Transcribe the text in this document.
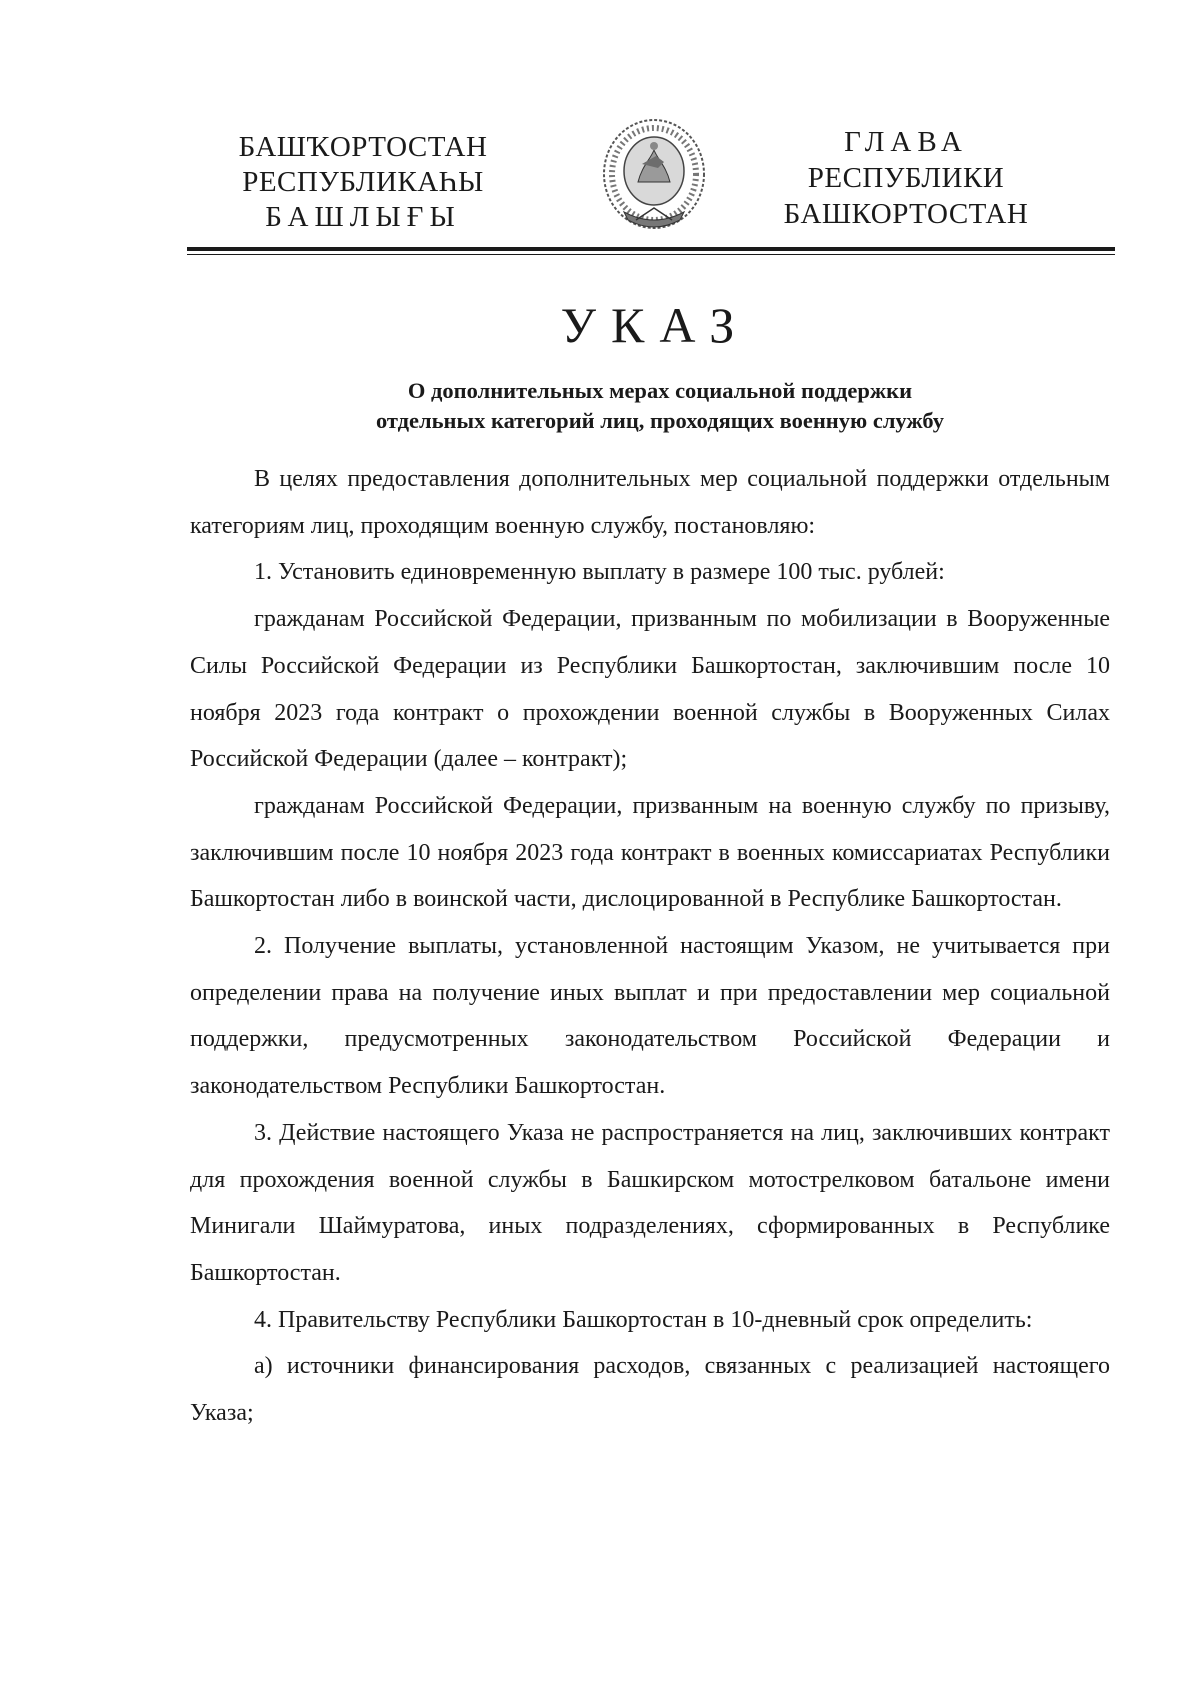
БАШҠОРТОСТАН
РЕСПУБЛИКАҺЫ
БАШЛЫҒЫ
ГЛАВА
РЕСПУБЛИКИ
БАШКОРТОСТАН
УКАЗ
О дополнительных мерах социальной поддержки
отдельных категорий лиц, проходящих военную службу

В целях предоставления дополнительных мер социальной поддержки отдельным категориям лиц, проходящим военную службу, постановляю:

1. Установить единовременную выплату в размере 100 тыс. рублей:

гражданам Российской Федерации, призванным по мобилизации в Вооруженные Силы Российской Федерации из Республики Башкортостан, заключившим после 10 ноября 2023 года контракт о прохождении военной службы в Вооруженных Силах Российской Федерации (далее – контракт);

гражданам Российской Федерации, призванным на военную службу по призыву, заключившим после 10 ноября 2023 года контракт в военных комиссариатах Республики Башкортостан либо в воинской части, дислоцированной в Республике Башкортостан.

2. Получение выплаты, установленной настоящим Указом, не учитывается при определении права на получение иных выплат и при предоставлении мер социальной поддержки, предусмотренных законодательством Российской Федерации и законодательством Республики Башкортостан.

3. Действие настоящего Указа не распространяется на лиц, заключивших контракт для прохождения военной службы в Башкирском мотострелковом батальоне имени Минигали Шаймуратова, иных подразделениях, сформированных в Республике Башкортостан.

4. Правительству Республики Башкортостан в 10-дневный срок определить:

а) источники финансирования расходов, связанных с реализацией настоящего Указа;
